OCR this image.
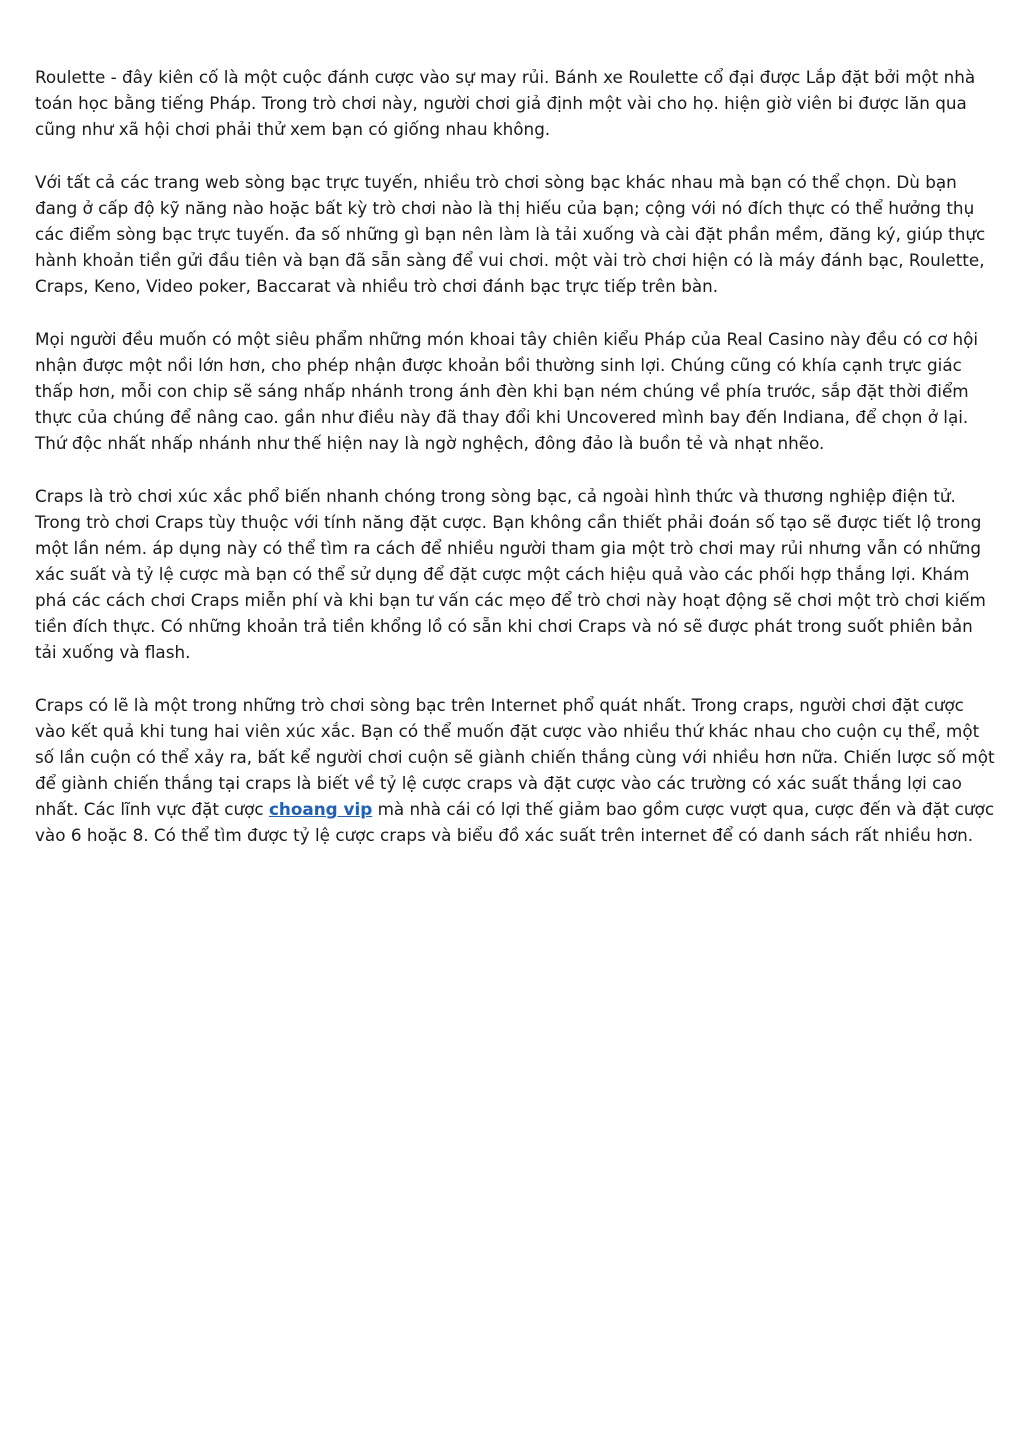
Roulette - đây kiên cố là một cuộc đánh cược vào sự may rủi. Bánh xe Roulette cổ đại được Lắp đặt bởi một nhà toán học bằng tiếng Pháp. Trong trò chơi này, người chơi giả định một vài cho họ. hiện giờ viên bi được lăn qua cũng như xã hội chơi phải thử xem bạn có giống nhau không.

Với tất cả các trang web sòng bạc trực tuyến, nhiều trò chơi sòng bạc khác nhau mà bạn có thể chọn. Dù bạn đang ở cấp độ kỹ năng nào hoặc bất kỳ trò chơi nào là thị hiếu của bạn; cộng với nó đích thực có thể hưởng thụ các điểm sòng bạc trực tuyến. đa số những gì bạn nên làm là tải xuống và cài đặt phần mềm, đăng ký, giúp thực hành khoản tiền gửi đầu tiên và bạn đã sẵn sàng để vui chơi. một vài trò chơi hiện có là máy đánh bạc, Roulette, Craps, Keno, Video poker, Baccarat và nhiều trò chơi đánh bạc trực tiếp trên bàn.

Mọi người đều muốn có một siêu phẩm những món khoai tây chiên kiểu Pháp của Real Casino này đều có cơ hội nhận được một nồi lớn hơn, cho phép nhận được khoản bồi thường sinh lợi. Chúng cũng có khía cạnh trực giác thấp hơn, mỗi con chip sẽ sáng nhấp nhánh trong ánh đèn khi bạn ném chúng về phía trước, sắp đặt thời điểm thực của chúng để nâng cao. gần như điều này đã thay đổi khi Uncovered mình bay đến Indiana, để chọn ở lại. Thứ độc nhất nhấp nhánh như thế hiện nay là ngờ nghệch, đông đảo là buồn tẻ và nhạt nhẽo.

Craps là trò chơi xúc xắc phổ biến nhanh chóng trong sòng bạc, cả ngoài hình thức và thương nghiệp điện tử. Trong trò chơi Craps tùy thuộc với tính năng đặt cược. Bạn không cần thiết phải đoán số tạo sẽ được tiết lộ trong một lần ném. áp dụng này có thể tìm ra cách để nhiều người tham gia một trò chơi may rủi nhưng vẫn có những xác suất và tỷ lệ cược mà bạn có thể sử dụng để đặt cược một cách hiệu quả vào các phối hợp thắng lợi. Khám phá các cách chơi Craps miễn phí và khi bạn tư vấn các mẹo để trò chơi này hoạt động sẽ chơi một trò chơi kiếm tiền đích thực. Có những khoản trả tiền khổng lồ có sẵn khi chơi Craps và nó sẽ được phát trong suốt phiên bản tải xuống và flash.

Craps có lẽ là một trong những trò chơi sòng bạc trên Internet phổ quát nhất. Trong craps, người chơi đặt cược vào kết quả khi tung hai viên xúc xắc. Bạn có thể muốn đặt cược vào nhiều thứ khác nhau cho cuộn cụ thể, một số lần cuộn có thể xảy ra, bất kể người chơi cuộn sẽ giành chiến thắng cùng với nhiều hơn nữa. Chiến lược số một để giành chiến thắng tại craps là biết về tỷ lệ cược craps và đặt cược vào các trường có xác suất thắng lợi cao nhất. Các lĩnh vực đặt cược choang vip mà nhà cái có lợi thế giảm bao gồm cược vượt qua, cược đến và đặt cược vào 6 hoặc 8. Có thể tìm được tỷ lệ cược craps và biểu đồ xác suất trên internet để có danh sách rất nhiều hơn.
